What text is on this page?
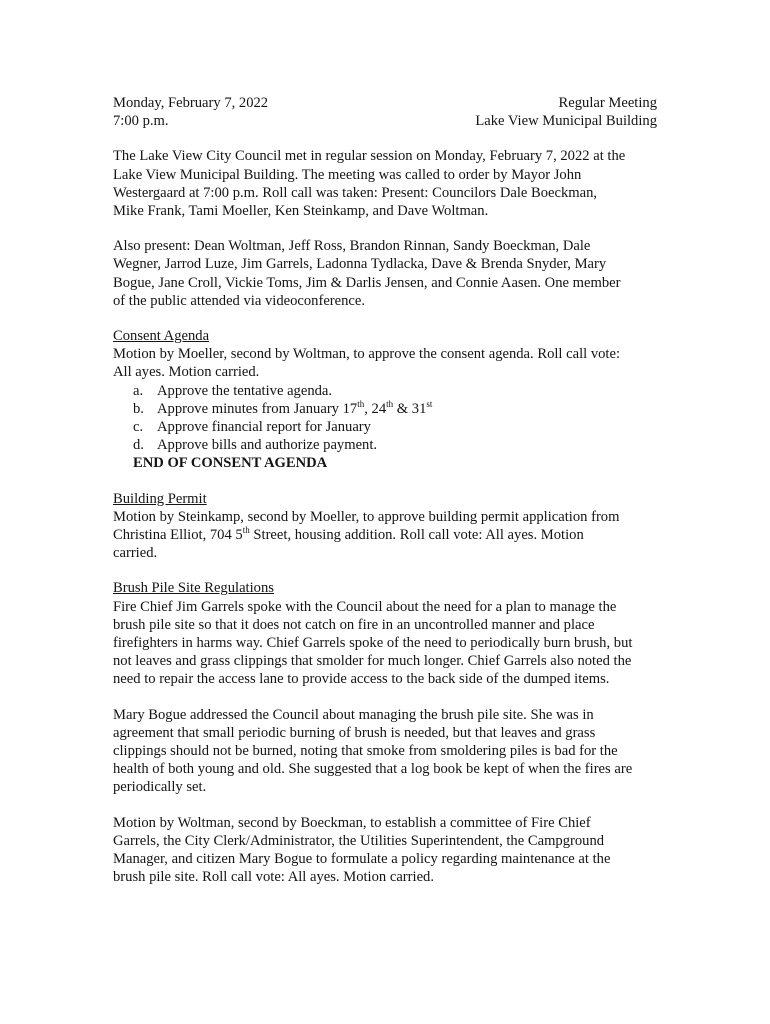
Monday, February 7, 2022
7:00 p.m.
Regular Meeting
Lake View Municipal Building

The Lake View City Council met in regular session on Monday, February 7, 2022 at the
Lake View Municipal Building. The meeting was called to order by Mayor John
Westergaard at 7:00 p.m. Roll call was taken: Present: Councilors Dale Boeckman,
Mike Frank, Tami Moeller, Ken Steinkamp, and Dave Woltman.

Also present: Dean Woltman, Jeff Ross, Brandon Rinnan, Sandy Boeckman, Dale
Wegner, Jarrod Luze, Jim Garrels, Ladonna Tydlacka, Dave & Brenda Snyder, Mary
Bogue, Jane Croll, Vickie Toms, Jim & Darlis Jensen, and Connie Aasen. One member
of the public attended via videoconference.

Consent Agenda
Motion by Moeller, second by Woltman, to approve the consent agenda. Roll call vote:
All ayes. Motion carried.
a. Approve the tentative agenda.
b. Approve minutes from January 17th, 24th & 31st
c. Approve financial report for January
d. Approve bills and authorize payment.
END OF CONSENT AGENDA
Building Permit
Motion by Steinkamp, second by Moeller, to approve building permit application from
Christina Elliot, 704 5th Street, housing addition. Roll call vote: All ayes. Motion
carried.
Brush Pile Site Regulations

Fire Chief Jim Garrels spoke with the Council about the need for a plan to manage the
brush pile site so that it does not catch on fire in an uncontrolled manner and place
firefighters in harms way. Chief Garrels spoke of the need to periodically burn brush, but
not leaves and grass clippings that smolder for much longer. Chief Garrels also noted the
need to repair the access lane to provide access to the back side of the dumped items.

Mary Bogue addressed the Council about managing the brush pile site. She was in
agreement that small periodic burning of brush is needed, but that leaves and grass
clippings should not be burned, noting that smoke from smoldering piles is bad for the
health of both young and old. She suggested that a log book be kept of when the fires are
periodically set.

Motion by Woltman, second by Boeckman, to establish a committee of Fire Chief
Garrels, the City Clerk/Administrator, the Utilities Superintendent, the Campground
Manager, and citizen Mary Bogue to formulate a policy regarding maintenance at the
brush pile site. Roll call vote: All ayes. Motion carried.
